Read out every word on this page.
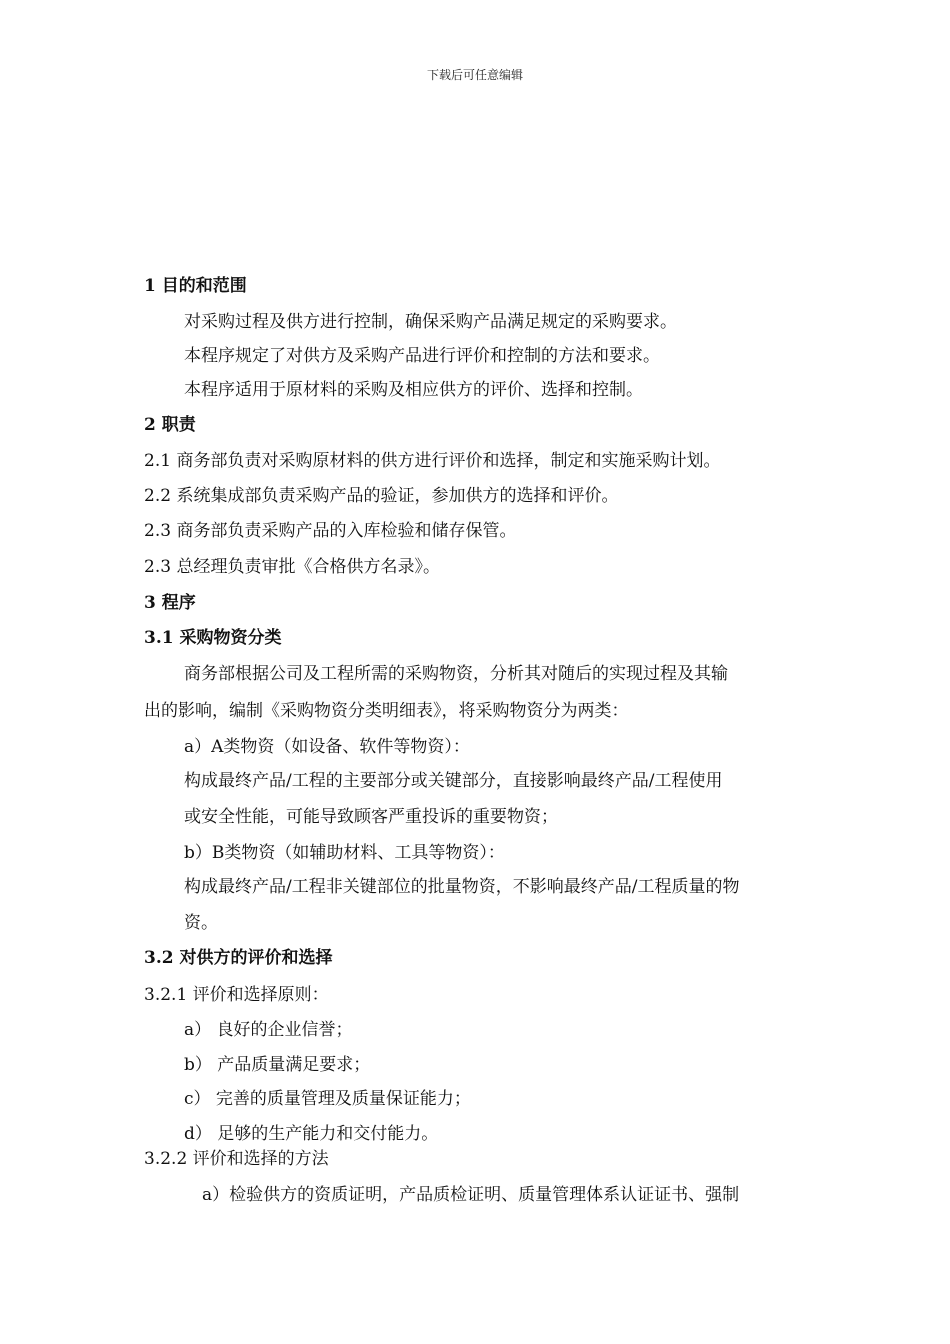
下载后可任意编辑
1 目的和范围
对采购过程及供方进行控制，确保采购产品满足规定的采购要求。
本程序规定了对供方及采购产品进行评价和控制的方法和要求。
本程序适用于原材料的采购及相应供方的评价、选择和控制。
2 职责
2.1 商务部负责对采购原材料的供方进行评价和选择，制定和实施采购计划。
2.2 系统集成部负责采购产品的验证，参加供方的选择和评价。
2.3 商务部负责采购产品的入库检验和储存保管。
2.3 总经理负责审批《合格供方名录》。
3 程序
3.1 采购物资分类
商务部根据公司及工程所需的采购物资，分析其对随后的实现过程及其输
出的影响，编制《采购物资分类明细表》，将采购物资分为两类：
a）A类物资（如设备、软件等物资）：
构成最终产品/工程的主要部分或关键部分，直接影响最终产品/工程使用
或安全性能，可能导致顾客严重投诉的重要物资；
b）B类物资（如辅助材料、工具等物资）：
构成最终产品/工程非关键部位的批量物资，不影响最终产品/工程质量的物
资。
3.2 对供方的评价和选择
3.2.1 评价和选择原则：
a） 良好的企业信誉；
b） 产品质量满足要求；
c） 完善的质量管理及质量保证能力；
d） 足够的生产能力和交付能力。
3.2.2 评价和选择的方法
a）检验供方的资质证明，产品质检证明、质量管理体系认证证书、强制
